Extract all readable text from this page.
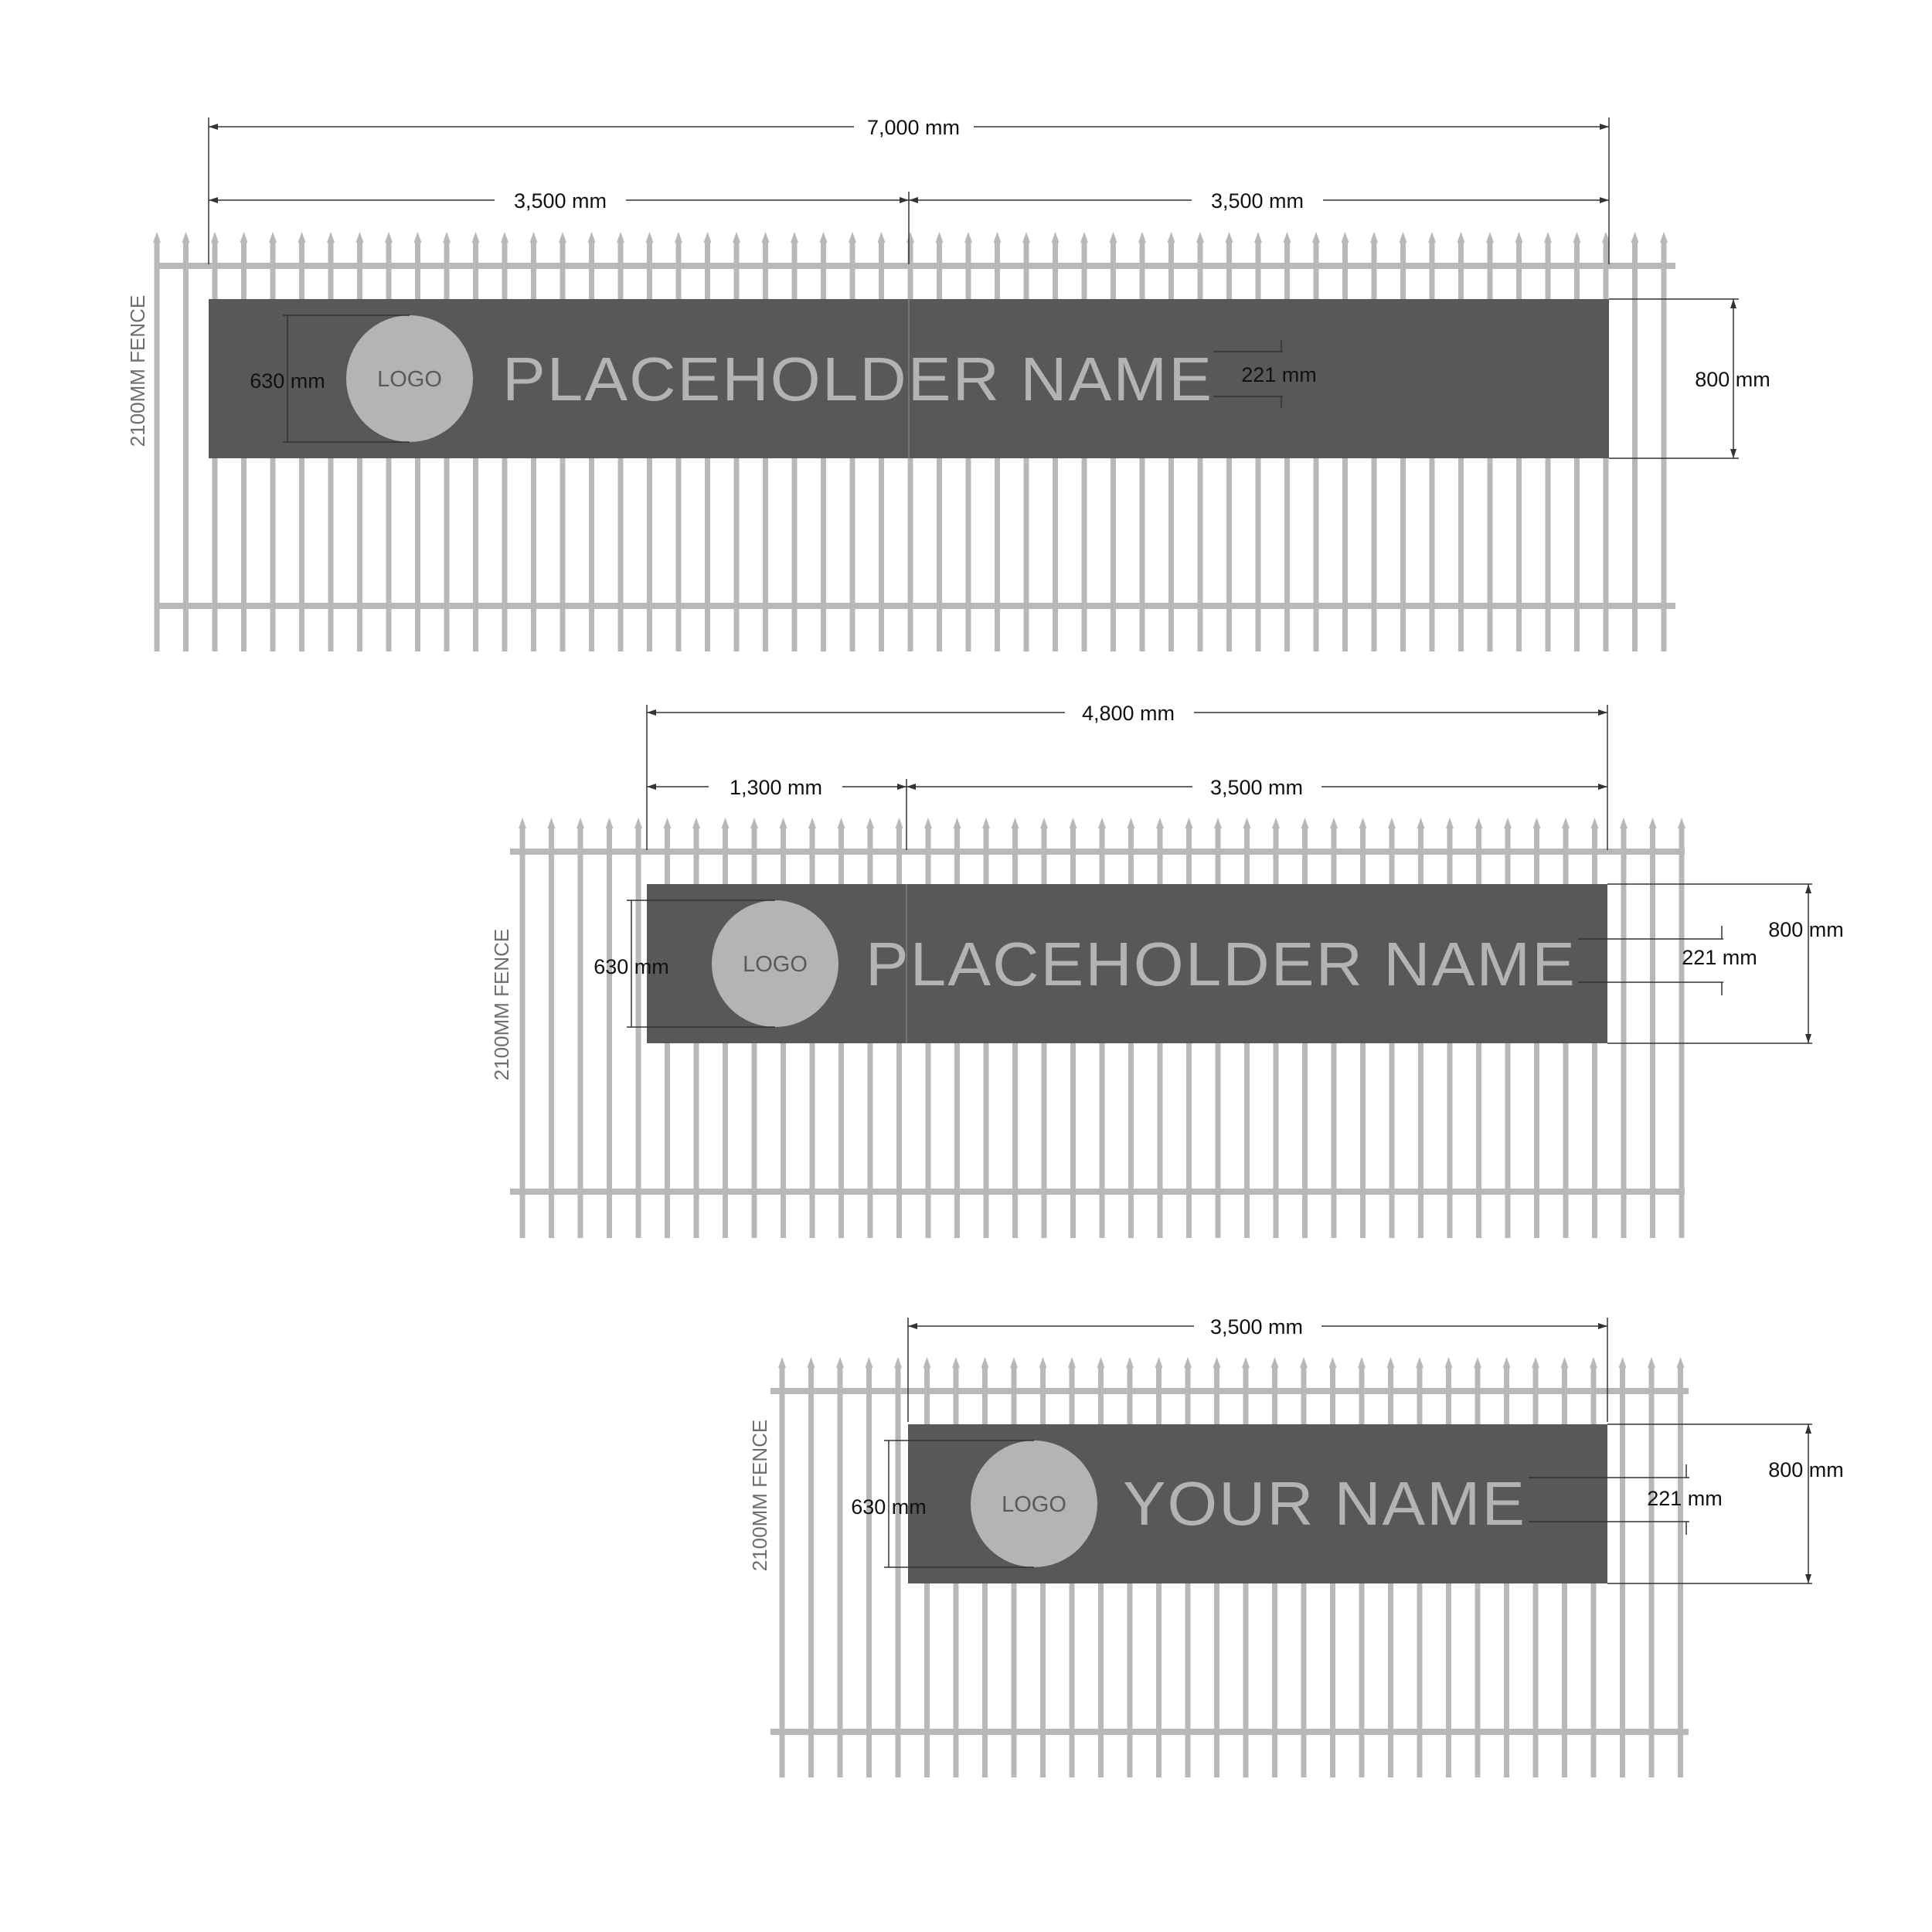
2100MM FENCE
7,000 mm
3,500 mm	3,500 mm
LOGO
630 mm	PLACEHOLDER NAME 221 mm	800 mm
2100MM FENCE
4,800 mm
1,300 mm	3,500 mm
LOGO
630 mm	PLACEHOLDER NAME	221 mm
800 mm
2100MM FENCE
3,500 mm
LOGO
630 mm	YOUR NAME	221 mm
800 mm
